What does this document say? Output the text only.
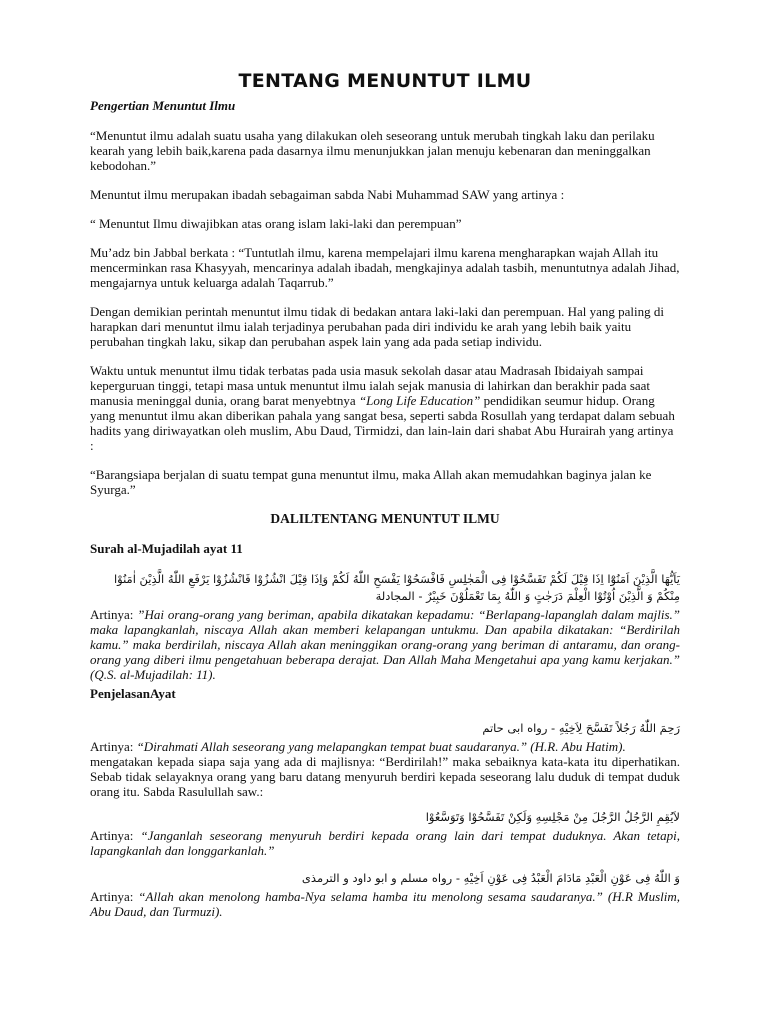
TENTANG MENUNTUT ILMU
Pengertian Menuntut Ilmu

“Menuntut ilmu adalah suatu usaha yang dilakukan oleh seseorang untuk merubah tingkah laku dan perilaku kearah yang lebih baik,karena pada dasarnya ilmu menunjukkan jalan menuju kebenaran dan meninggalkan kebodohan.”

Menuntut ilmu merupakan ibadah sebagaiman sabda Nabi Muhammad SAW yang artinya :

“ Menuntut Ilmu diwajibkan atas orang islam laki-laki dan perempuan”

Mu’adz bin Jabbal berkata : “Tuntutlah ilmu, karena mempelajari ilmu karena mengharapkan wajah Allah itu mencerminkan rasa Khasyyah, mencarinya adalah ibadah, mengkajinya adalah tasbih, menuntutnya adalah Jihad, mengajarnya untuk keluarga adalah Taqarrub.”

Dengan demikian perintah menuntut ilmu tidak di bedakan antara laki-laki dan perempuan. Hal yang paling di harapkan dari menuntut ilmu ialah terjadinya perubahan pada diri individu ke arah yang lebih baik yaitu perubahan tingkah laku, sikap dan perubahan aspek lain yang ada pada setiap individu.

Waktu untuk menuntut ilmu tidak terbatas pada usia masuk sekolah dasar atau Madrasah Ibidaiyah sampai keperguruan tinggi, tetapi masa untuk menuntut ilmu ialah sejak manusia di lahirkan dan berakhir pada saat manusia meninggal dunia, orang barat menyebtnya “Long Life Education” pendidikan seumur hidup. Orang yang menuntut ilmu akan diberikan pahala yang sangat besa, seperti sabda Rosullah yang terdapat dalam sebuah hadits yang diriwayatkan oleh muslim, Abu Daud, Tirmidzi, dan lain-lain dari shabat Abu Hurairah yang artinya :

“Barangsiapa berjalan di suatu tempat guna menuntut ilmu, maka Allah akan memudahkan baginya jalan ke Syurga.”

DALILTENTANG MENUNTUT ILMU
Surah al-Mujadilah ayat 11
يَاَيُّهَا الَّذِيْنَ اَمَنُوْٓا اِذَا قِيْلَ لَكُمْ تَفَسَّحُوْا فِى الْمَجٰلِسِ فَافْسَحُوْا يَفْسَحِ اللّٰهُ لَكُمْ وَاِذَا قِيْلَ انْشُزُوْا فَانْشُزُوْا يَرْفَعِ اللّٰهُ الَّذِيْنَ اٰمَنُوْا مِنْكُمْ وَ الَّذِيْنَ اُوْتُوْا الْعِلْمَ دَرَجٰتٍ وَ اللّٰهُ بِمَا تَعْمَلُوْنَ خَبِيْرٌ - المجادلة
Artinya: ”Hai orang-orang yang beriman, apabila dikatakan kepadamu: “Berlapang-lapanglah dalam majlis.” maka lapangkanlah, niscaya Allah akan memberi kelapangan untukmu. Dan apabila dikatakan: “Berdirilah kamu.” maka berdirilah, niscaya Allah akan meninggikan orang-orang yang beriman di antaramu, dan orang-orang yang diberi ilmu pengetahuan beberapa derajat. Dan Allah Maha Mengetahui apa yang kamu kerjakan.” (Q.S. al-Mujadilah: 11).
PenjelasanAyat
رَحِمَ اللّٰهُ رَجُلاً تَفَسَّحَ لِاَخِيْهِ - رواه ابى حاتم
Artinya: “Dirahmati Allah seseorang yang melapangkan tempat buat saudaranya.” (H.R. Abu Hatim).

mengatakan kepada siapa saja yang ada di majlisnya: “Berdirilah!” maka sebaiknya kata-kata itu diperhatikan. Sebab tidak selayaknya orang yang baru datang menyuruh berdiri kepada seseorang lalu duduk di tempat duduk orang itu. Sabda Rasulullah saw.:

لاَيُقِمِ الرَّجُلُ الرَّجُلَ مِنْ مَجْلِسِهِ وَلَكِنْ تَفَسَّحُوْا وَتَوَسَّعُوْا
Artinya: “Janganlah seseorang menyuruh berdiri kepada orang lain dari tempat duduknya. Akan tetapi, lapangkanlah dan longgarkanlah.”
وَ اللّٰهُ فِى عَوْنِ الْعَبْدِ مَادَامَ الْعَبْدُ فِى عَوْنِ اَخِيْهِ - رواه مسلم و ابو داود و الترمذى
Artinya: “Allah akan menolong hamba-Nya selama hamba itu menolong sesama saudaranya.” (H.R Muslim, Abu Daud, dan Turmuzi).
